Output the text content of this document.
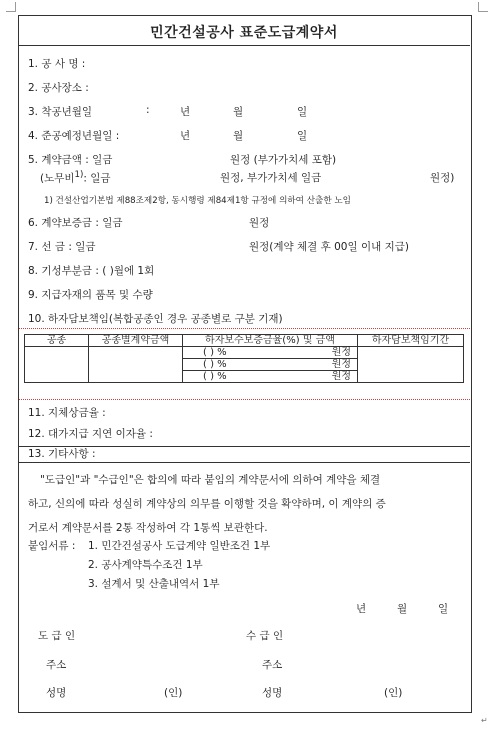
민간건설공사 표준도급계약서
1. 공 사 명 :
2. 공사장소 :
3. 착공년월일	:	년	월	일
4. 준공예정년월일 :	년	월	일
5. 계약금액 : 일금	원정 (부가가치세 포함)
(노무비$^{1)}$: 일금	원정, 부가가치세 일금	원정)
1) 건설산업기본법 제88조제2항, 동시행령 제84제1항 규정에 의하여 산출한 노임
6. 계약보증금 : 일금	원정
7. 선 금 : 일금	원정(계약 체결 후 00일 이내 지급)
8. 기성부분금 : ( )월에 1회
9. 지급자재의 품목 및 수량
10. 하자담보책임(복합공종인 경우 공종별로 구분 기재)
공종	공종별계약금액	하자보수보증금율(%) 및 금액	하자담보책임기간

		( ) % 원정	

		( ) % 원정	

		( ) % 원정	
11. 지체상금율 :
12. 대가지급 지연 이자율 :
13. 기타사항 :
"도급인"과 "수급인"은 합의에 따라 붙임의 계약문서에 의하여 계약을 체결
하고, 신의에 따라 성실히 계약상의 의무를 이행할 것을 확약하며, 이 계약의 증
거로서 계약문서를 2통 작성하여 각 1통씩 보관한다.
붙임서류 : 1. 민간건설공사 도급계약 일반조건 1부
2. 공사계약특수조건 1부
3. 설계서 및 산출내역서 1부
년	월	일
도 급 인	수 급 인
주소	주소
성명	(인)	성명	(인)
↵
